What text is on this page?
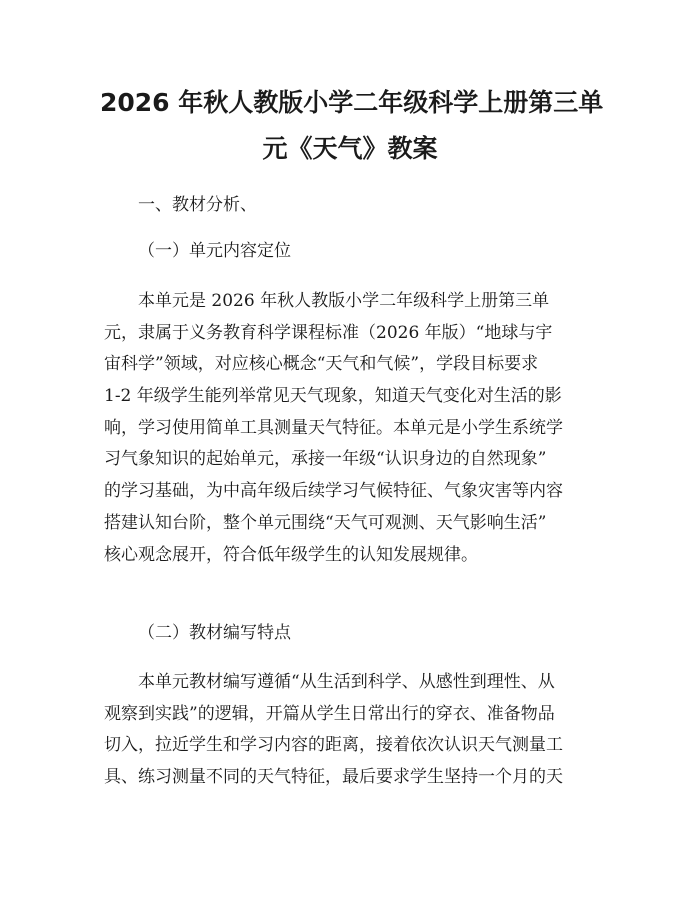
2026 年秋人教版小学二年级科学上册第三单
元《天气》教案

一、教材分析、

（一）单元内容定位

本单元是 2026 年秋人教版小学二年级科学上册第三单
元，隶属于义务教育科学课程标准（2026 年版）“地球与宇
宙科学”领域，对应核心概念“天气和气候”，学段目标要求
1-2 年级学生能列举常见天气现象，知道天气变化对生活的影
响，学习使用简单工具测量天气特征。本单元是小学生系统学
习气象知识的起始单元，承接一年级“认识身边的自然现象”
的学习基础，为中高年级后续学习气候特征、气象灾害等内容
搭建认知台阶，整个单元围绕“天气可观测、天气影响生活”
核心观念展开，符合低年级学生的认知发展规律。

（二）教材编写特点

本单元教材编写遵循“从生活到科学、从感性到理性、从
观察到实践”的逻辑，开篇从学生日常出行的穿衣、准备物品
切入，拉近学生和学习内容的距离，接着依次认识天气测量工
具、练习测量不同的天气特征，最后要求学生坚持一个月的天
